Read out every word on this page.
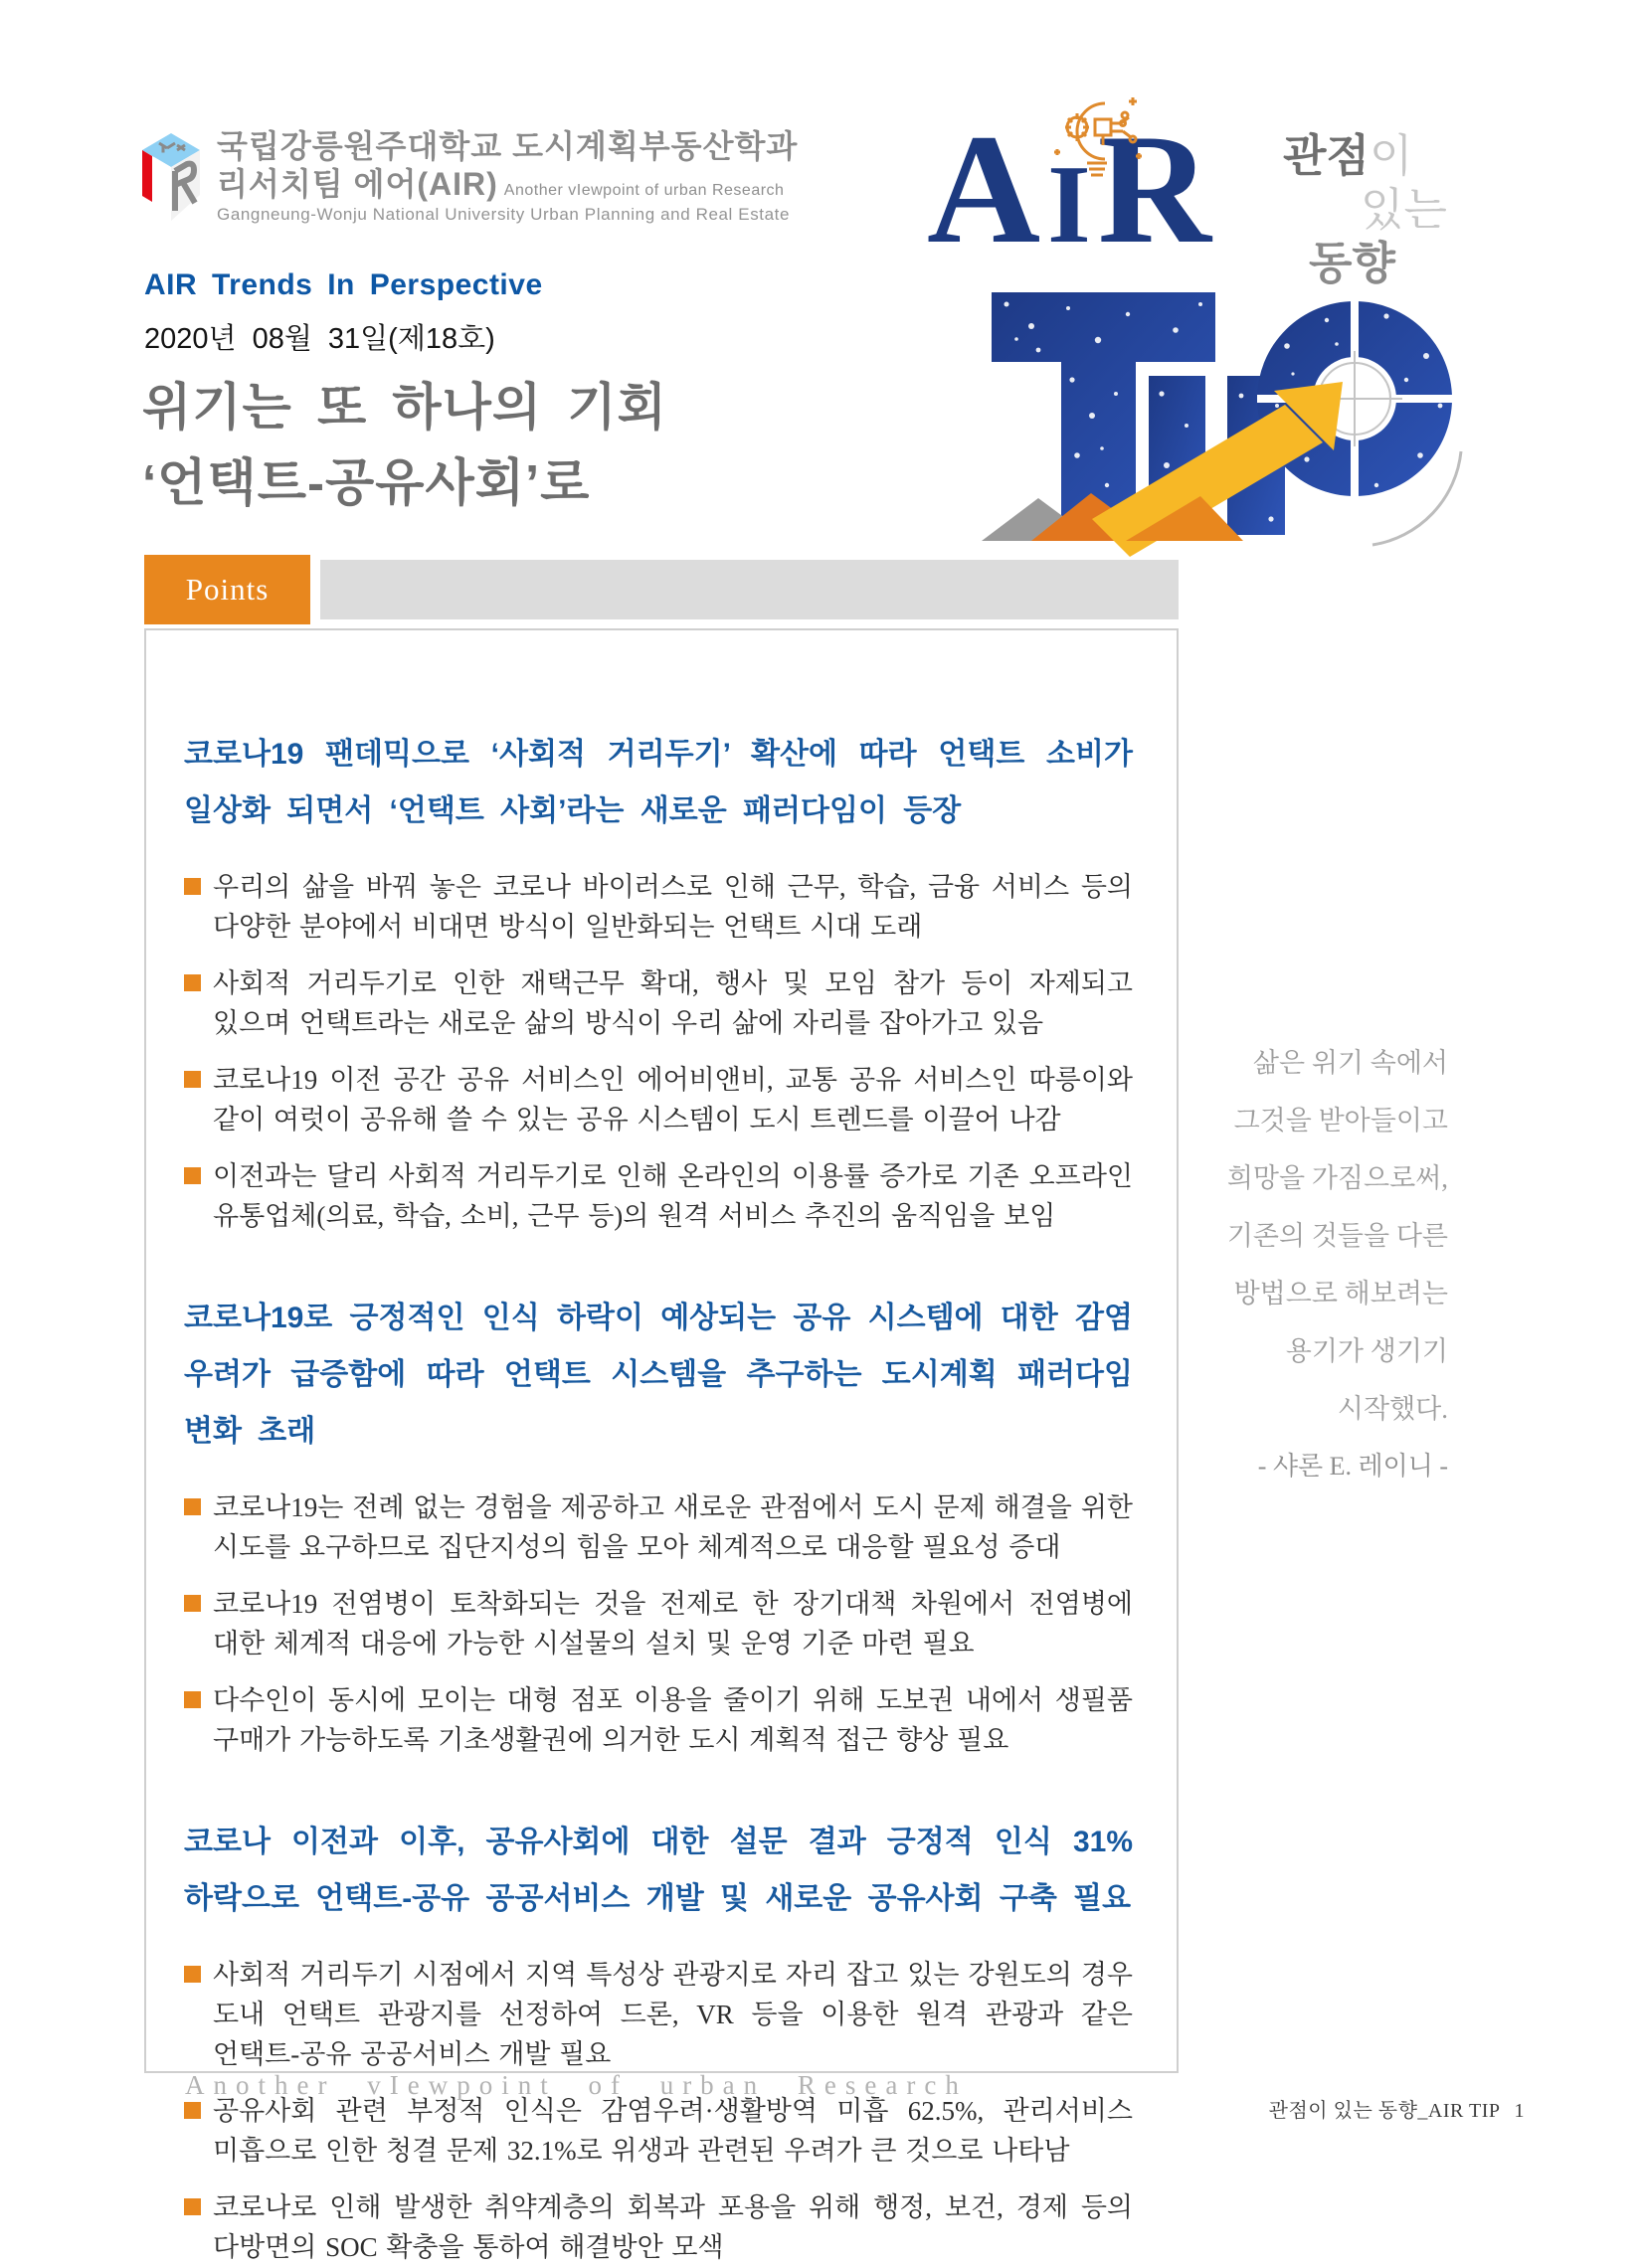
국립강릉원주대학교 도시계획부동산학과
리서치팀 에어(AIR) Another vIewpoint of urban Research
Gangneung-Wonju National University Urban Planning and Real Estate
AIR Trends In Perspective
2020년 08월 31일(제18호)
위기는 또 하나의 기회
‘언택트-공유사회’로
AIR 관점이
있는
동향
Points
코로나19 팬데믹으로 ‘사회적 거리두기’ 확산에 따라 언택트 소비가 일상화 되면서 ‘언택트 사회’라는 새로운 패러다임이 등장
우리의 삶을 바꿔 놓은 코로나 바이러스로 인해 근무, 학습, 금융 서비스 등의 다양한 분야에서 비대면 방식이 일반화되는 언택트 시대 도래
사회적 거리두기로 인한 재택근무 확대, 행사 및 모임 참가 등이 자제되고 있으며 언택트라는 새로운 삶의 방식이 우리 삶에 자리를 잡아가고 있음
코로나19 이전 공간 공유 서비스인 에어비앤비, 교통 공유 서비스인 따릉이와 같이 여럿이 공유해 쓸 수 있는 공유 시스템이 도시 트렌드를 이끌어 나감
이전과는 달리 사회적 거리두기로 인해 온라인의 이용률 증가로 기존 오프라인 유통업체(의료, 학습, 소비, 근무 등)의 원격 서비스 추진의 움직임을 보임
코로나19로 긍정적인 인식 하락이 예상되는 공유 시스템에 대한 감염 우려가 급증함에 따라 언택트 시스템을 추구하는 도시계획 패러다임 변화 초래
코로나19는 전례 없는 경험을 제공하고 새로운 관점에서 도시 문제 해결을 위한 시도를 요구하므로 집단지성의 힘을 모아 체계적으로 대응할 필요성 증대
코로나19 전염병이 토착화되는 것을 전제로 한 장기대책 차원에서 전염병에 대한 체계적 대응에 가능한 시설물의 설치 및 운영 기준 마련 필요
다수인이 동시에 모이는 대형 점포 이용을 줄이기 위해 도보권 내에서 생필품 구매가 가능하도록 기초생활권에 의거한 도시 계획적 접근 향상 필요
코로나 이전과 이후, 공유사회에 대한 설문 결과 긍정적 인식 31% 하락으로 언택트-공유 공공서비스 개발 및 새로운 공유사회 구축 필요
사회적 거리두기 시점에서 지역 특성상 관광지로 자리 잡고 있는 강원도의 경우 도내 언택트 관광지를 선정하여 드론, VR 등을 이용한 원격 관광과 같은 언택트-공유 공공서비스 개발 필요
공유사회 관련 부정적 인식은 감염우려·생활방역 미흡 62.5%, 관리서비스 미흡으로 인한 청결 문제 32.1%로 위생과 관련된 우려가 큰 것으로 나타남
코로나로 인해 발생한 취약계층의 회복과 포용을 위해 행정, 보건, 경제 등의 다방면의 SOC 확충을 통하여 해결방안 모색
삶은 위기 속에서
그것을 받아들이고
희망을 가짐으로써,
기존의 것들을 다른
방법으로 해보려는
용기가 생기기
시작했다.
- 샤론 E. 레이니 -
Another vIewpoint of urban Research
관점이 있는 동향_AIR TIP 1
